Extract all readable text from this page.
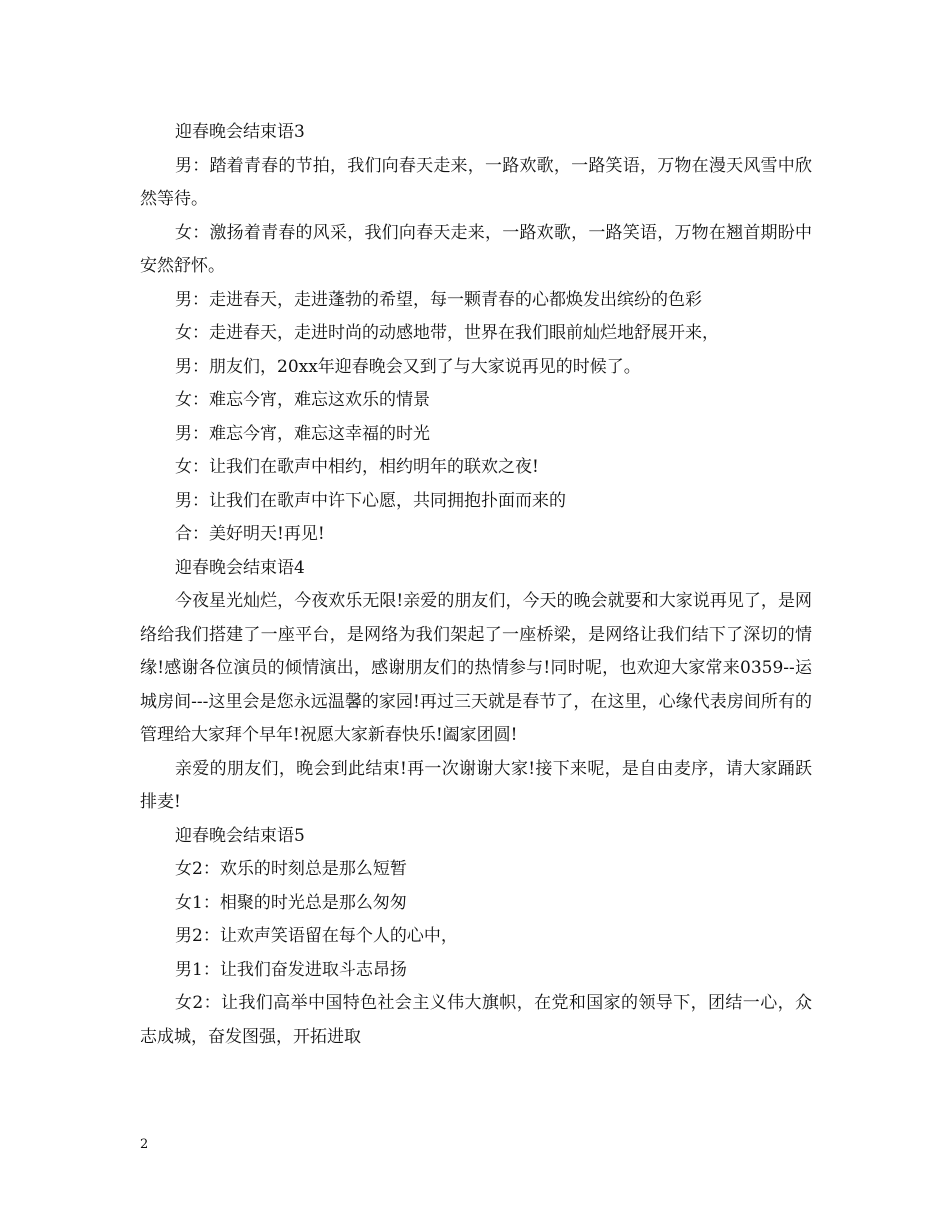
迎春晚会结束语3

男：踏着青春的节拍，我们向春天走来，一路欢歌，一路笑语，万物在漫天风雪中欣然等待。

女：激扬着青春的风采，我们向春天走来，一路欢歌，一路笑语，万物在翘首期盼中安然舒怀。

男：走进春天，走进蓬勃的希望，每一颗青春的心都焕发出缤纷的色彩

女：走进春天，走进时尚的动感地带，世界在我们眼前灿烂地舒展开来，

男：朋友们，20xx年迎春晚会又到了与大家说再见的时候了。

女：难忘今宵，难忘这欢乐的情景

男：难忘今宵，难忘这幸福的时光

女：让我们在歌声中相约，相约明年的联欢之夜!

男：让我们在歌声中许下心愿，共同拥抱扑面而来的

合：美好明天!再见!

迎春晚会结束语4

今夜星光灿烂，今夜欢乐无限!亲爱的朋友们，今天的晚会就要和大家说再见了，是网络给我们搭建了一座平台，是网络为我们架起了一座桥梁，是网络让我们结下了深切的情缘!感谢各位演员的倾情演出，感谢朋友们的热情参与!同时呢，也欢迎大家常来0359--运城房间---这里会是您永远温馨的家园!再过三天就是春节了，在这里，心缘代表房间所有的管理给大家拜个早年!祝愿大家新春快乐!阖家团圆!

亲爱的朋友们，晚会到此结束!再一次谢谢大家!接下来呢，是自由麦序，请大家踊跃排麦!

迎春晚会结束语5

女2：欢乐的时刻总是那么短暂

女1：相聚的时光总是那么匆匆

男2：让欢声笑语留在每个人的心中，

男1：让我们奋发进取斗志昂扬

女2：让我们高举中国特色社会主义伟大旗帜，在党和国家的领导下，团结一心，众志成城，奋发图强，开拓进取

2
